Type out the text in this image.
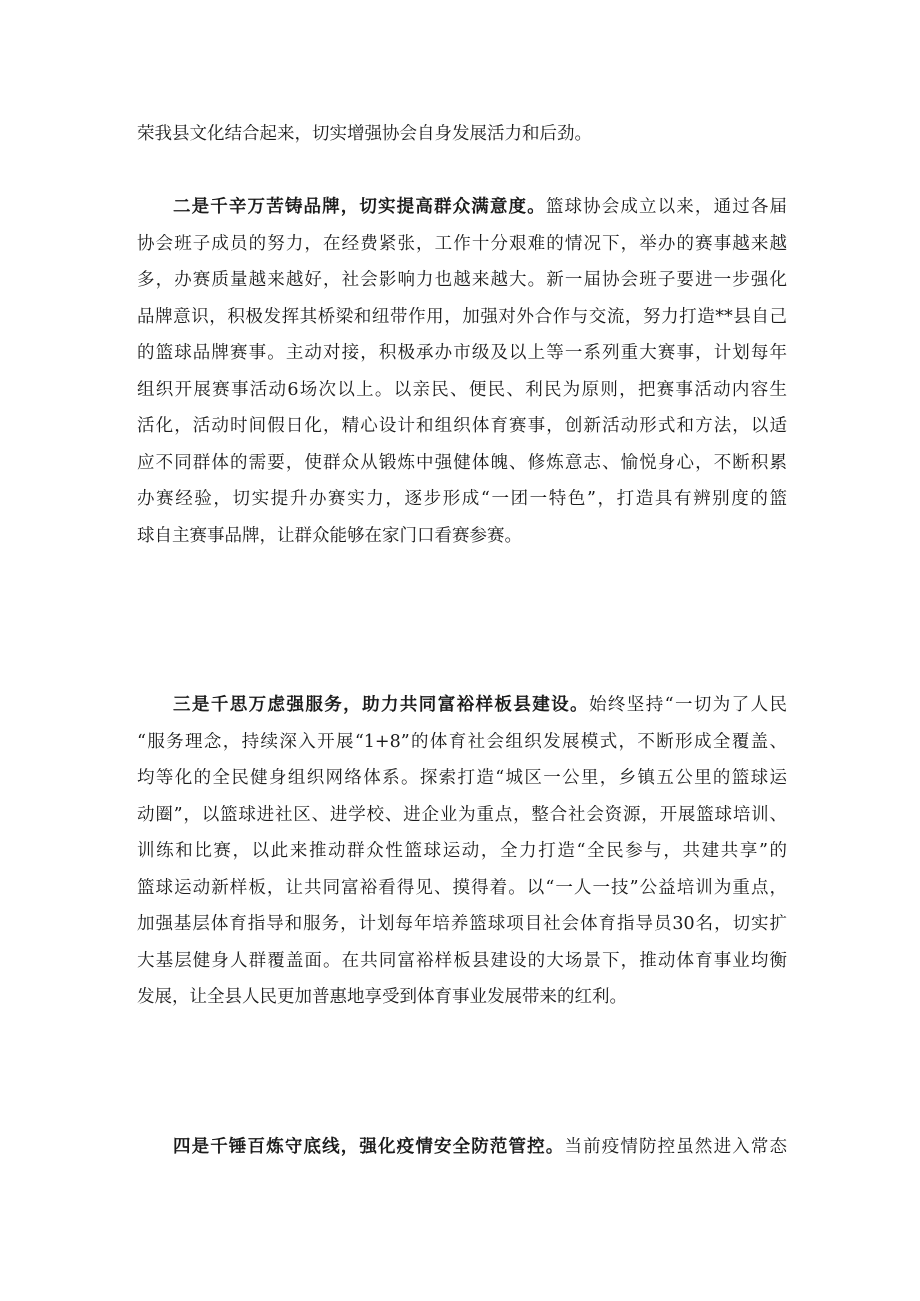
荣我县文化结合起来，切实增强协会自身发展活力和后劲。
二是千辛万苦铸品牌，切实提高群众满意度。篮球协会成立以来，通过各届
协会班子成员的努力，在经费紧张，工作十分艰难的情况下，举办的赛事越来越
多，办赛质量越来越好，社会影响力也越来越大。新一届协会班子要进一步强化
品牌意识，积极发挥其桥梁和纽带作用，加强对外合作与交流，努力打造**县自己
的篮球品牌赛事。主动对接，积极承办市级及以上等一系列重大赛事，计划每年
组织开展赛事活动6场次以上。以亲民、便民、利民为原则，把赛事活动内容生
活化，活动时间假日化，精心设计和组织体育赛事，创新活动形式和方法，以适
应不同群体的需要，使群众从锻炼中强健体魄、修炼意志、愉悦身心，不断积累
办赛经验，切实提升办赛实力，逐步形成“一团一特色”，打造具有辨别度的篮
球自主赛事品牌，让群众能够在家门口看赛参赛。
三是千思万虑强服务，助力共同富裕样板县建设。始终坚持“一切为了人民
“服务理念，持续深入开展“1+8”的体育社会组织发展模式，不断形成全覆盖、
均等化的全民健身组织网络体系。探索打造“城区一公里，乡镇五公里的篮球运
动圈”，以篮球进社区、进学校、进企业为重点，整合社会资源，开展篮球培训、
训练和比赛，以此来推动群众性篮球运动，全力打造“全民参与，共建共享”的
篮球运动新样板，让共同富裕看得见、摸得着。以“一人一技”公益培训为重点，
加强基层体育指导和服务，计划每年培养篮球项目社会体育指导员30名，切实扩
大基层健身人群覆盖面。在共同富裕样板县建设的大场景下，推动体育事业均衡
发展，让全县人民更加普惠地享受到体育事业发展带来的红利。
四是千锤百炼守底线，强化疫情安全防范管控。当前疫情防控虽然进入常态
